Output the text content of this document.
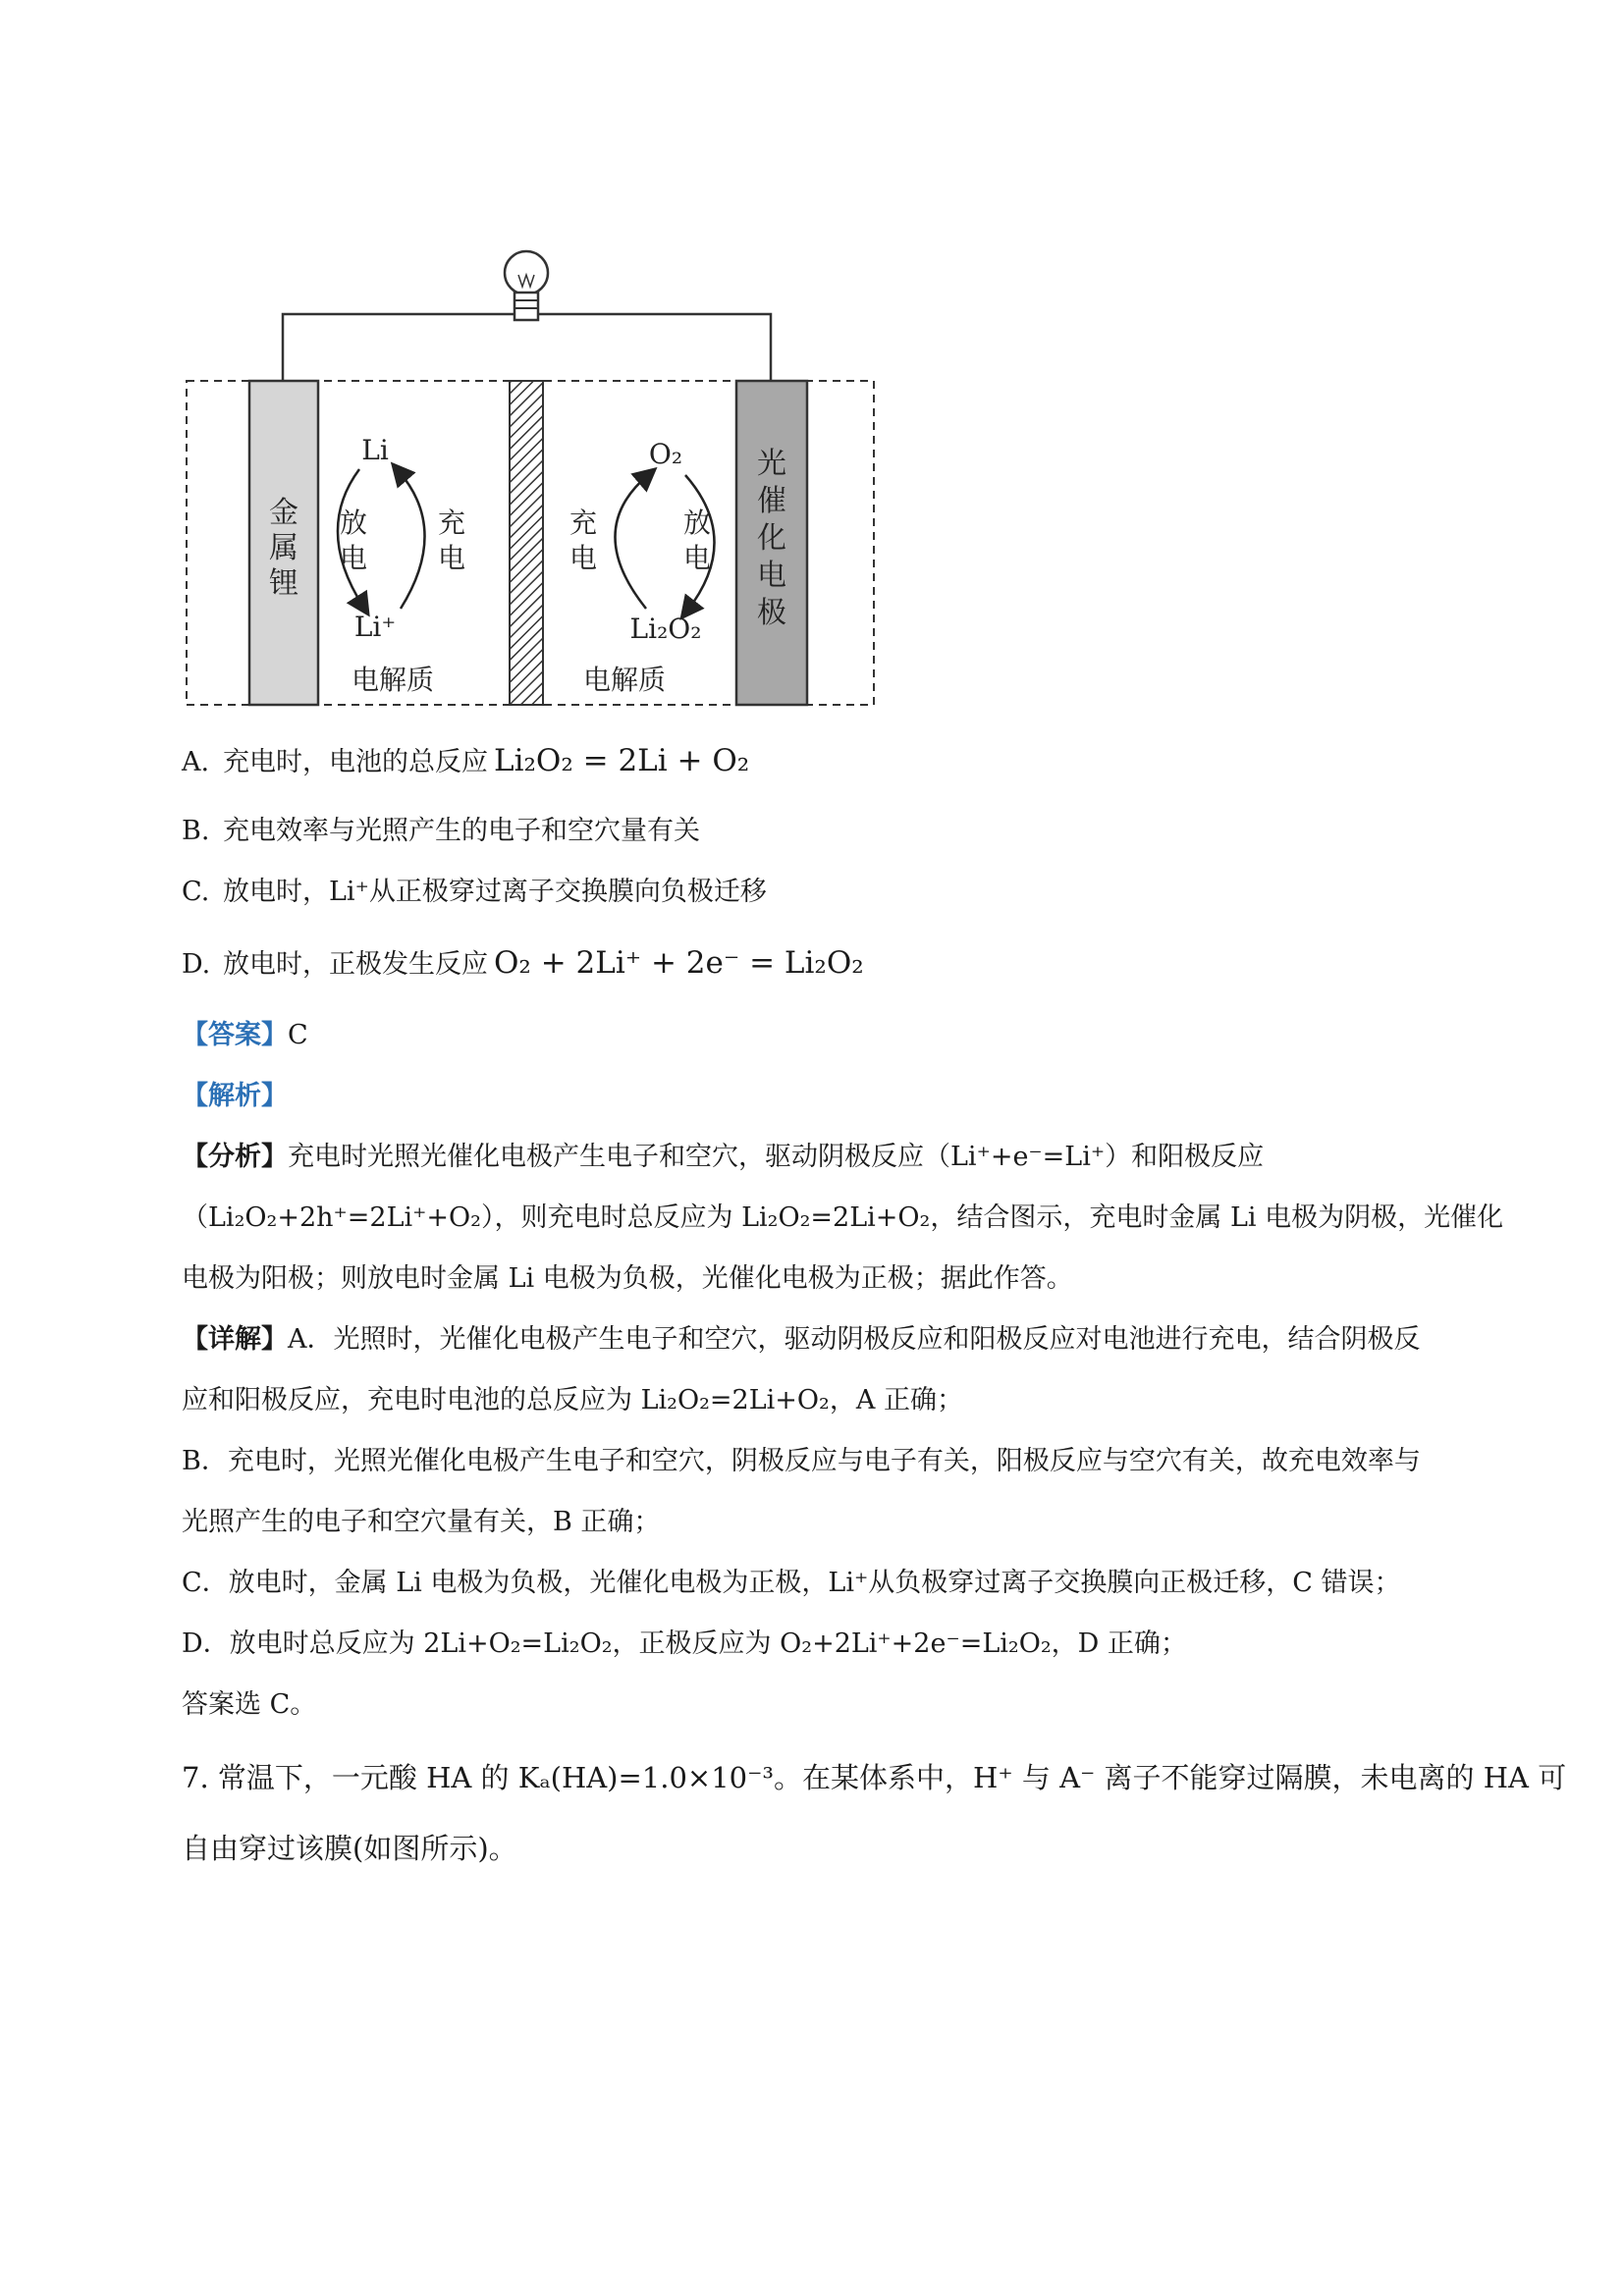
金
属
锂
光
催
化
电
极
Li
Li⁺
放
电
充
电
O₂
Li₂O₂
充
电
放
电
电解质	电解质
A. 充电时，电池的总反应 Li₂O₂ = 2Li + O₂
B. 充电效率与光照产生的电子和空穴量有关
C. 放电时，Li⁺从正极穿过离子交换膜向负极迁移
D. 放电时，正极发生反应 O₂ + 2Li⁺ + 2e⁻ = Li₂O₂
【答案】C
【解析】
【分析】充电时光照光催化电极产生电子和空穴，驱动阴极反应（Li⁺+e⁻=Li⁺）和阳极反应
（Li₂O₂+2h⁺=2Li⁺+O₂），则充电时总反应为 Li₂O₂=2Li+O₂，结合图示，充电时金属 Li 电极为阴极，光催化
电极为阳极；则放电时金属 Li 电极为负极，光催化电极为正极；据此作答。
【详解】A．光照时，光催化电极产生电子和空穴，驱动阴极反应和阳极反应对电池进行充电，结合阴极反
应和阳极反应，充电时电池的总反应为 Li₂O₂=2Li+O₂，A 正确；
B．充电时，光照光催化电极产生电子和空穴，阴极反应与电子有关，阳极反应与空穴有关，故充电效率与
光照产生的电子和空穴量有关，B 正确；
C．放电时，金属 Li 电极为负极，光催化电极为正极，Li⁺从负极穿过离子交换膜向正极迁移，C 错误；
D．放电时总反应为 2Li+O₂=Li₂O₂，正极反应为 O₂+2Li⁺+2e⁻=Li₂O₂，D 正确；
答案选 C。
7. 常温下，一元酸 HA 的 Kₐ(HA)=1.0×10⁻³。在某体系中，H⁺ 与 A⁻ 离子不能穿过隔膜，未电离的 HA 可
自由穿过该膜(如图所示)。
